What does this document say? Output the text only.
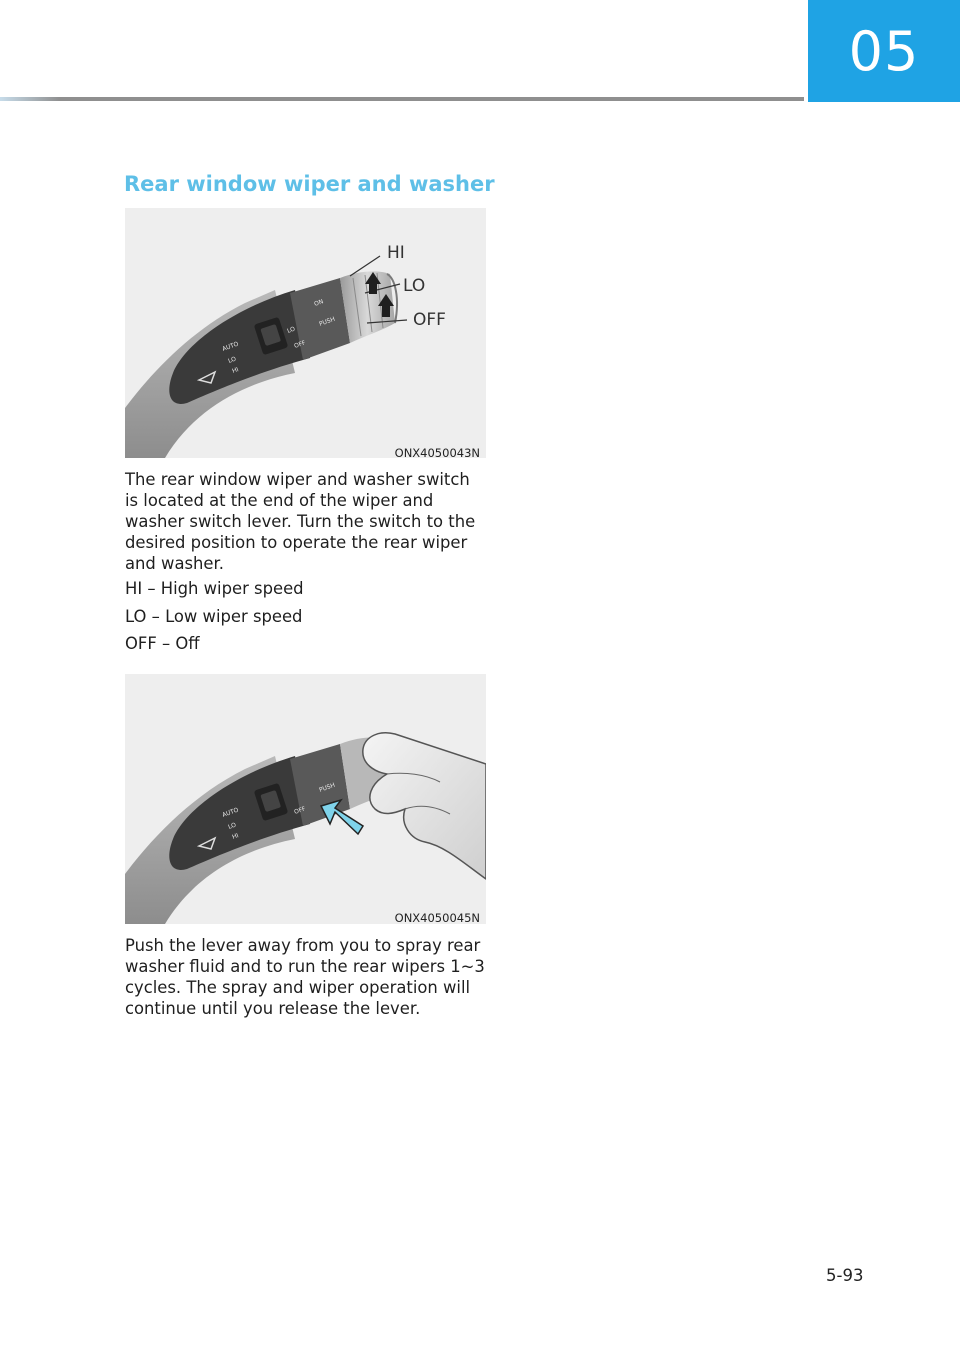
05
Rear window wiper and washer
AUTO
LO
HI
OFF
LO
ON
PUSH
HI
LO
OFF
ONX4050043N

The rear window wiper and washer switch is located at the end of the wiper and washer switch lever. Turn the switch to the desired position to operate the rear wiper and washer.

HI – High wiper speed

LO – Low wiper speed

OFF – Off

AUTO
LO
HI
OFF
PUSH
ONX4050045N

Push the lever away from you to spray rear washer fluid and to run the rear wipers 1~3 cycles. The spray and wiper operation will continue until you release the lever.

5-93
